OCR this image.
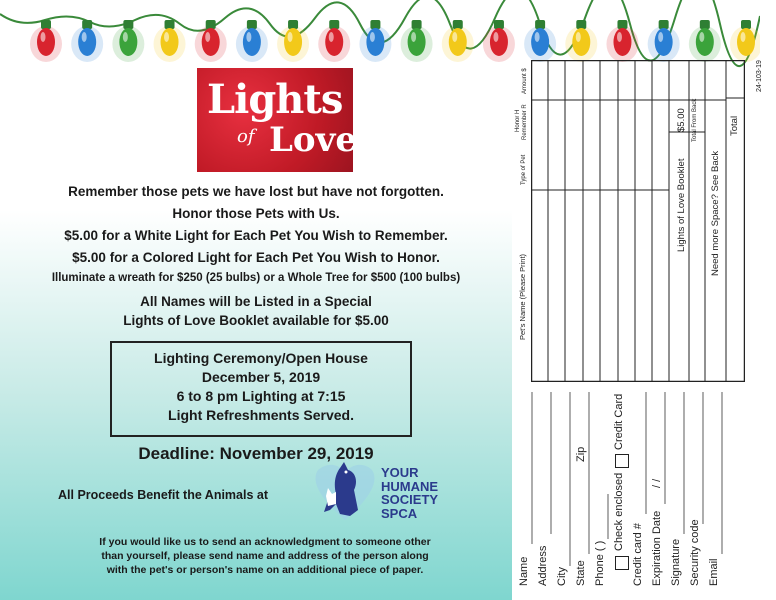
Lights
of Love
Remember those pets we have lost but have not forgotten.
Honor those Pets with Us.
$5.00 for a White Light for Each Pet You Wish to Remember.
$5.00 for a Colored Light for Each Pet You Wish to Honor.
Illuminate a wreath for $250 (25 bulbs) or a Whole Tree for $500 (100 bulbs)
All Names will be Listed in a Special
Lights of Love Booklet available for $5.00
Lighting Ceremony/Open House
December 5, 2019
6 to 8 pm Lighting at 7:15
Light Refreshments Served.
Deadline: November 29, 2019
All Proceeds Benefit the Animals at
YOUR
HUMANE
SOCIETY
SPCA
If you would like us to send an acknowledgment to someone other
than yourself, please send name and address of the person along
with the pet's or person's name on an additional piece of paper.
24-103-19
Pet's Name (Please Print)
Type of Pet
Honor H Remember R
Amount $
Lights of Love Booklet
$5.00 Total From Back
Need more Space? See Back
Total
Name Address City State
Zip
Phone ( )
Check enclosed
Credit Card
Credit card # Expiration Date
/ /
Signature Security code Email
